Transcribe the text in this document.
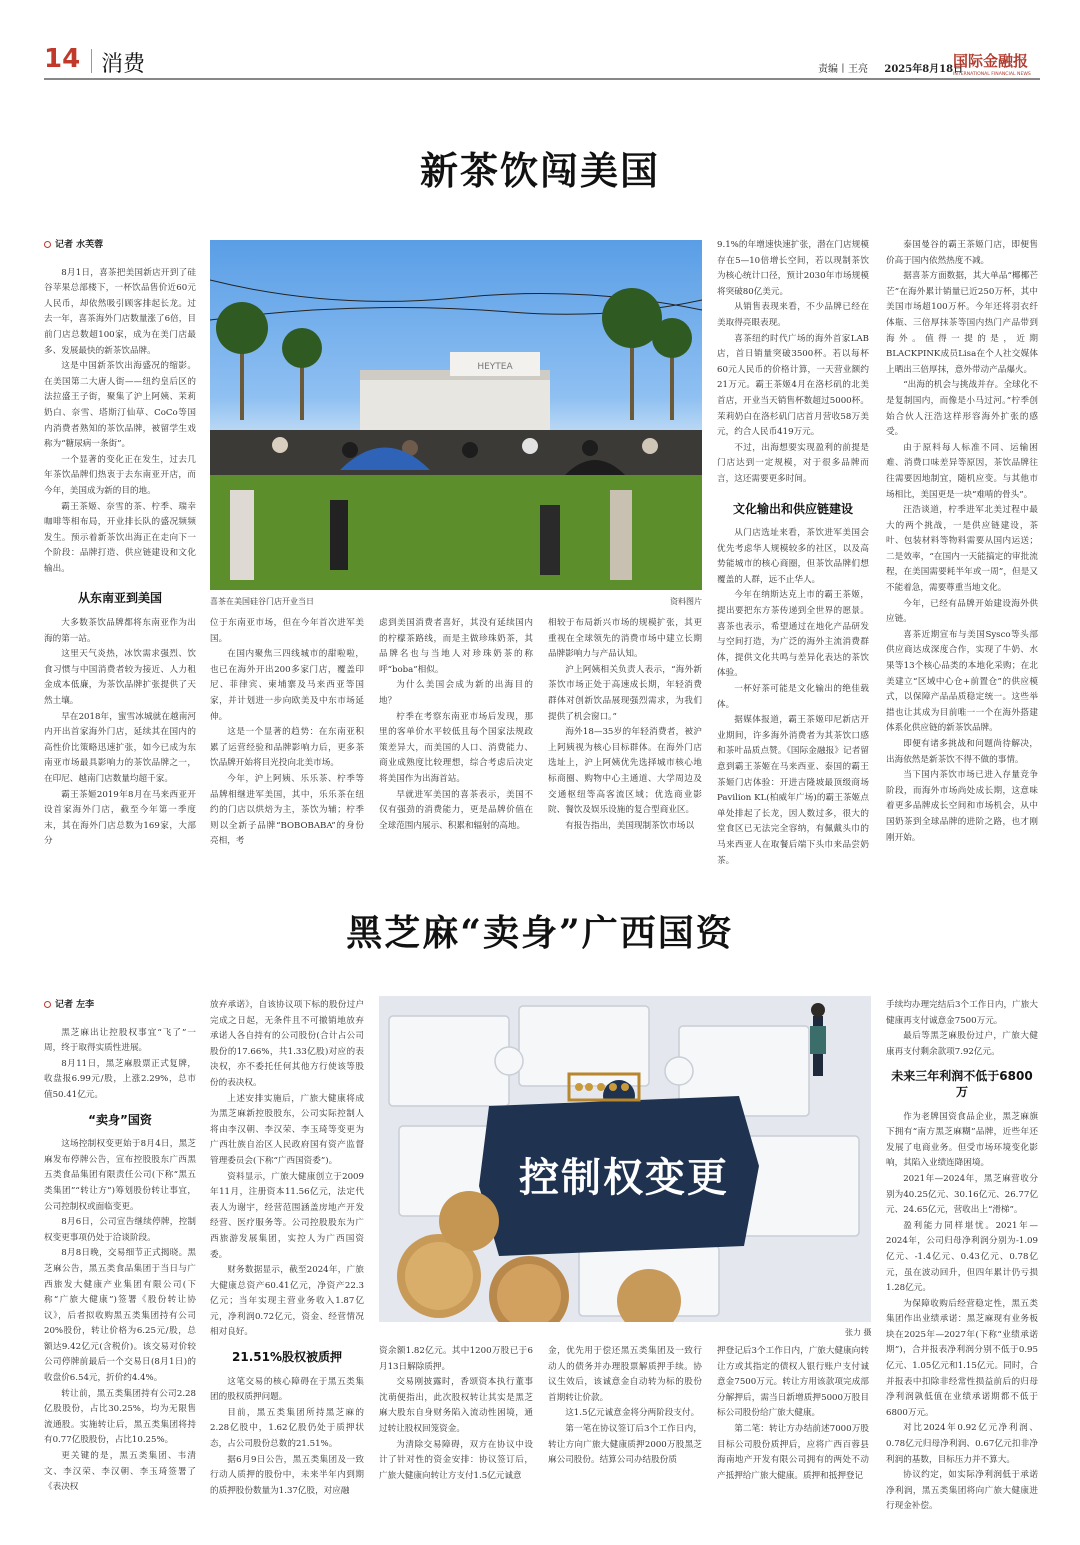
14 消费	责编丨王亮 2025年8月18日
国际金融报
INTERNATIONAL FINANCIAL NEWS
新茶饮闯美国
HEYTEA
喜茶在美国硅谷门店开业当日	资料图片
记者 水芙蓉

8月1日，喜茶把美国新店开到了硅谷苹果总部楼下，一杯饮品售价近60元人民币，却依然吸引顾客排起长龙。过去一年，喜茶海外门店数量涨了6倍，目前门店总数超100家，成为在美门店最多、发展最快的新茶饮品牌。

这是中国新茶饮出海盛况的缩影。在美国第二大唐人街——纽约皇后区的法拉盛王子街，聚集了沪上阿姨、茉莉奶白、奈雪、塔斯汀仙草、CoCo等国内消费者熟知的茶饮品牌，被留学生戏称为“糖尿病一条街”。

一个显著的变化正在发生，过去几年茶饮品牌们热衷于去东南亚开店，而今年，美国成为新的目的地。

霸王茶姬、奈雪的茶、柠季、瑞幸咖啡等相布局，开业排长队的盛况频频发生。预示着新茶饮出海正在走向下一个阶段：品牌打造、供应链建设和文化输出。

从东南亚到美国

大多数茶饮品牌都将东南亚作为出海的第一站。

这里天气炎热，冰饮需求强烈、饮食习惯与中国消费者较为接近、人力租金成本低廉，为茶饮品牌扩张提供了天然土壤。

早在2018年，蜜雪冰城就在越南河内开出首家海外门店，延续其在国内的高性价比策略迅速扩张，如今已成为东南亚市场最具影响力的茶饮品牌之一，在印尼、越南门店数量均超千家。

霸王茶姬2019年8月在马来西亚开设首家海外门店，截至今年第一季度末，其在海外门店总数为169家，大部分

位于东南亚市场，但在今年首次进军美国。

在国内聚焦三四线城市的甜啦啦，也已在海外开出200多家门店，覆盖印尼、菲律宾、柬埔寨及马来西亚等国家，并计划进一步向欧美及中东市场延伸。

这是一个显著的趋势：在东南亚积累了运营经验和品牌影响力后，更多茶饮品牌开始将目光投向北美市场。

今年，沪上阿姨、乐乐茶、柠季等品牌相继进军美国，其中，乐乐茶在纽约的门店以烘焙为主，茶饮为辅；柠季则以全新子品牌“BOBOBABA”的身份亮相，考

虑到美国消费者喜好，其没有延续国内的柠檬茶路线，而是主做珍珠奶茶，其品牌名也与当地人对珍珠奶茶的称呼“boba”相似。

为什么美国会成为新的出海目的地？

柠季在考察东南亚市场后发现，那里的客单价水平较低且每个国家法规政策差异大，而美国的人口、消费能力、商业成熟度比较理想，综合考虑后决定将美国作为出海首站。

早就进军美国的喜茶表示，美国不仅有强劲的消费能力，更是品牌价值在全球范围内展示、积累和辐射的高地。

相较于布局新兴市场的规模扩张，其更重视在全球领先的消费市场中建立长期品牌影响力与产品认知。

沪上阿姨相关负责人表示，“海外新茶饮市场正处于高速成长期，年轻消费群体对创新饮品展现强烈需求，为我们提供了机会窗口。”

海外18—35岁的年轻消费者，被沪上阿姨视为核心目标群体。在海外门店选址上，沪上阿姨优先选择城市核心地标商圈、购物中心主通道、大学周边及交通枢纽等高客流区域；优选商业影院、餐饮及娱乐设施的复合型商业区。

有报告指出，美国现制茶饮市场以

9.1%的年增速快速扩张，潜在门店规模存在5—10倍增长空间，若以现制茶饮为核心统计口径，预计2030年市场规模将突破80亿美元。

从销售表现来看，不少品牌已经在美取得亮眼表现。

喜茶纽约时代广场的海外首家LAB店，首日销量突破3500杯。若以每杯60元人民币的价格计算，一天营业额约21万元。霸王茶姬4月在洛杉矶的北美首店，开业当天销售杯数超过5000杯。茉莉奶白在洛杉矶门店首月营收58万美元，约合人民币419万元。

不过，出海想要实现盈利的前提是门店达到一定规模，对于很多品牌而言，这还需要更多时间。

文化输出和供应链建设

从门店选址来看，茶饮进军美国会优先考虑华人规模较多的社区，以及高势能城市的核心商圈，但茶饮品牌们想覆盖的人群，远不止华人。

今年在纳斯达克上市的霸王茶姬，提出要把东方茶传递到全世界的愿景。喜茶也表示，希望通过在地化产品研发与空间打造，为广泛的海外主流消费群体，提供文化共鸣与差异化表达的茶饮体验。

一杯好茶可能是文化输出的绝佳载体。

据媒体报道，霸王茶姬印尼新店开业期间，许多海外消费者为其茶饮口感和茶叶品质点赞。《国际金融报》记者留意到霸王茶姬在马来西亚、泰国的霸王茶姬门店体验：开进吉隆坡最顶级商场Pavilion KL(柏威年广场)的霸王茶姬点单处排起了长龙，因人数过多，很大的堂食区已无法完全容纳，有佩戴头巾的马来西亚人在取餐后端下头巾来品尝奶茶。

泰国曼谷的霸王茶姬门店，即便售价高于国内依然热度不减。

据喜茶方面数据，其大单品“椰椰芒芒”在海外累计销量已近250万杯，其中美国市场超100万杯。今年还将羽衣纤体瓶、三倍厚抹茶等国内热门产品带到海外。值得一提的是，近期BLACKPINK成员Lisa在个人社交媒体上晒出三倍厚抹，意外带动产品爆火。

“出海的机会与挑战并存。全球化不是复制国内，而像是小马过河。”柠季创始合伙人汪浩这样形容海外扩张的感受。

由于原料每人标准不同、运输困难、消费口味差异等原因，茶饮品牌往往需要因地制宜，随机应变。与其他市场相比，美国更是一块“难啃的骨头”。

汪浩谈道，柠季进军北美过程中最大的两个挑战，一是供应链建设，茶叶、包装材料等物料需要从国内运送；二是效率，“在国内一天能搞定的审批流程，在美国需要耗半年或一周”，但是又不能着急，需要尊重当地文化。

今年，已经有品牌开始建设海外供应链。

喜茶近期宣布与美国Sysco等头部供应商达成深度合作，实现了牛奶、水果等13个核心品类的本地化采购；在北美建立“区域中心仓+前置仓”的供应模式，以保障产品品质稳定统一。这些举措也让其成为目前唯一一个在海外搭建体系化供应链的新茶饮品牌。

即便有诸多挑战和问题尚待解决，出海依然是新茶饮不得不做的事情。

当下国内茶饮市场已进入存量竞争阶段，而海外市场尚处成长期，这意味着更多品牌成长空间和市场机会，从中国奶茶到全球品牌的进阶之路，也才刚刚开始。

黑芝麻“卖身”广西国资
控制权变更
张力 摄
记者 左李

黑芝麻出让控股权事宜“飞了”一周，终于取得实质性进展。

8月11日，黑芝麻股票正式复牌，收盘报6.99元/股，上涨2.29%，总市值50.41亿元。

“卖身”国资

这场控制权变更始于8月4日，黑芝麻发布停牌公告，宣布控股股东广西黑五类食品集团有限责任公司(下称“黑五类集团”“转让方”)筹划股份转让事宜，公司控制权或面临变更。

8月6日，公司宣告继续停牌，控制权变更事项仍处于洽谈阶段。

8月8日晚，交易细节正式揭晓。黑芝麻公告，黑五类食品集团于当日与广西旅发大健康产业集团有限公司(下称“广旅大健康”)签署《股份转让协议》，后者拟收购黑五类集团持有公司20%股份，转让价格为6.25元/股，总额达9.42亿元(含税价)。该交易对价较公司停牌前最后一个交易日(8月1日)的收盘价6.54元，折价约4.4%。

转让前，黑五类集团持有公司2.28亿股股份，占比30.25%，均为无限售流通股。实施转让后，黑五类集团将持有0.77亿股股份，占比10.25%。

更关键的是，黑五类集团、韦清文、李汉荣、李汉朝、李玉琦签署了《表决权

放弃承诺》，自该协议项下标的股份过户完成之日起，无条件且不可撤销地放弃承诺人各自持有的公司股份(合计占公司股份的17.66%，共1.33亿股)对应的表决权，亦不委托任何其他方行使该等股份的表决权。

上述安排实施后，广旅大健康将成为黑芝麻新控股股东，公司实际控制人将由李汉朝、李汉荣、李玉琦等变更为广西壮族自治区人民政府国有资产监督管理委员会(下称“广西国资委”)。

资料显示，广旅大健康创立于2009年11月，注册资本11.56亿元，法定代表人为谢宇，经营范围涵盖房地产开发经营、医疗服务等。公司控股股东为广西旅游发展集团，实控人为广西国资委。

财务数据显示，截至2024年，广旅大健康总资产60.41亿元，净资产22.3亿元；当年实现主营业务收入1.87亿元，净利润0.72亿元，资金、经营情况相对良好。

21.51%股权被质押

这笔交易的核心障碍在于黑五类集团的股权质押问题。

目前，黑五类集团所持黑芝麻的2.28亿股中，1.62亿股仍处于质押状态，占公司股份总数的21.51%。

据6月9日公告，黑五类集团及一致行动人质押的股份中，未来半年内到期的质押股份数量为1.37亿股，对应融

资余额1.82亿元。其中1200万股已于6月13日解除质押。

交易刚披露时，香颂资本执行董事沈萌便指出，此次股权转让其实是黑芝麻大股东自身财务陷入流动性困境，通过转让股权回笼资金。

为清除交易障碍，双方在协议中设计了针对性的资金安排：协议签订后，广旅大健康向转让方支付1.5亿元诚意

金，优先用于偿还黑五类集团及一致行动人的债务并办理股票解质押手续。协议生效后，该诚意金自动转为标的股份首期转让价款。

这1.5亿元诚意金将分两阶段支付。

第一笔在协议签订后3个工作日内，转让方向广旅大健康质押2000万股黑芝麻公司股份。结算公司办结股份质

押登记后3个工作日内，广旅大健康向转让方或其指定的债权人银行账户支付诚意金7500万元。转让方用该款项完成部分解押后，需当日新增质押5000万股目标公司股份给广旅大健康。

第二笔：转让方办结前述7000万股目标公司股份质押后，应将广西百蓉县海南地产开发有限公司拥有的两处不动产抵押给广旅大健康。质押和抵押登记

手续均办理完结后3个工作日内，广旅大健康再支付诚意金7500万元。

最后等黑芝麻股份过户，广旅大健康再支付剩余款项7.92亿元。

未来三年利润不低于6800万

作为老牌国资食品企业，黑芝麻旗下拥有“南方黑芝麻糊”品牌，近些年还发展了电商业务。但受市场环境变化影响，其陷入业绩连降困境。

2021年—2024年，黑芝麻营收分别为40.25亿元、30.16亿元、26.77亿元、24.65亿元，营收出上“滑梯”。

盈利能力同样堪忧。2021年—2024年，公司归母净利润分别为-1.09亿元、-1.4亿元、0.43亿元、0.78亿元，虽在波动回升，但四年累计仍亏损1.28亿元。

为保障收购后经营稳定性，黑五类集团作出业绩承诺：黑芝麻现有业务板块在2025年—2027年(下称“业绩承诺期”)，合并报表净利润分别不低于0.95亿元、1.05亿元和1.15亿元。同时，合并报表中扣除非经常性损益前后的归母净利润孰低值在业绩承诺期都不低于6800万元。

对比2024年0.92亿元净利润、0.78亿元归母净利润、0.67亿元扣非净利润的基数，目标压力并不算大。

协议约定，如实际净利润低于承诺净利润，黑五类集团将向广旅大健康进行现金补偿。
